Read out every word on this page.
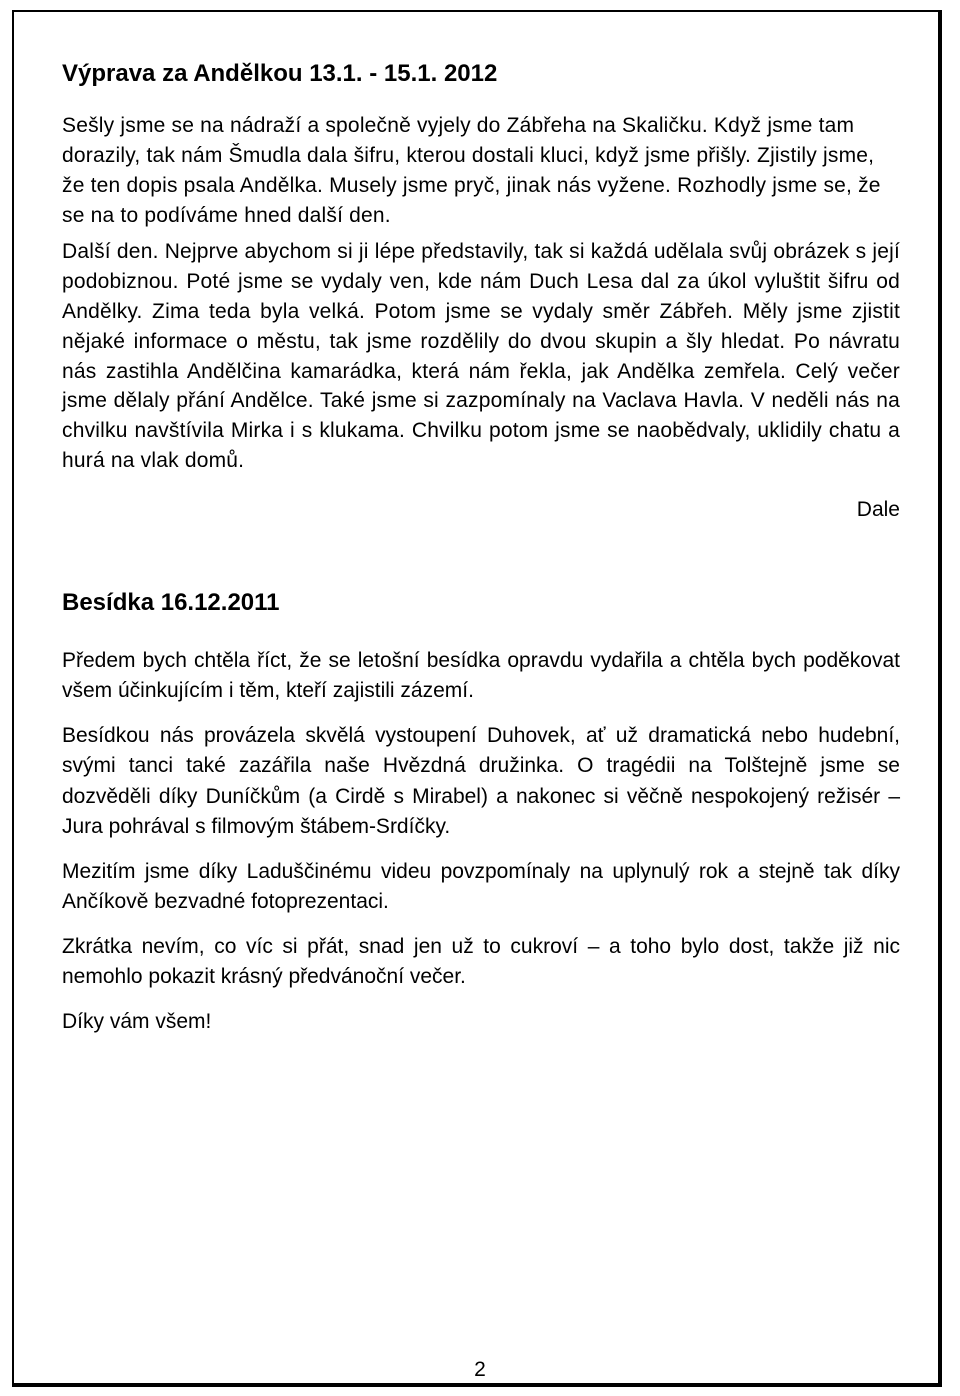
Výprava za Andělkou 13.1. - 15.1. 2012

Sešly jsme se na nádraží a společně vyjely do Zábřeha na Skaličku. Když jsme tam dorazily, tak nám Šmudla dala šifru, kterou dostali kluci, když jsme přišly. Zjistily jsme, že ten dopis psala Andělka. Musely jsme pryč, jinak nás vyžene. Rozhodly jsme se, že se na to podíváme hned další den.

Další den. Nejprve abychom si ji lépe představily, tak si každá udělala svůj obrázek s její podobiznou. Poté jsme se vydaly ven, kde nám Duch Lesa dal za úkol vyluštit šifru od Andělky. Zima teda byla velká. Potom jsme se vydaly směr Zábřeh. Měly jsme zjistit nějaké informace o městu, tak jsme rozdělily do dvou skupin a šly hledat. Po návratu nás zastihla Andělčina kamarádka, která nám řekla, jak Andělka zemřela. Celý večer jsme dělaly přání Andělce. Také jsme si zazpomínaly na Vaclava Havla. V neděli nás na chvilku navštívila Mirka i s klukama. Chvilku potom jsme se naobědvaly, uklidily chatu a hurá na vlak domů.

Dale
Besídka 16.12.2011

Předem bych chtěla říct, že se letošní besídka opravdu vydařila a chtěla bych poděkovat všem účinkujícím i těm, kteří zajistili zázemí.

Besídkou nás provázela skvělá vystoupení Duhovek, ať už dramatická nebo hudební, svými tanci také zazářila naše Hvězdná družinka. O tragédii na Tolštejně jsme se dozvěděli díky Duníčkům (a Cirdě s Mirabel) a nakonec si věčně nespokojený režisér –Jura pohrával s filmovým štábem-Srdíčky.

Mezitím jsme díky Laduščinému videu povzpomínaly na uplynulý rok a stejně tak díky Ančíkově bezvadné fotoprezentaci.

Zkrátka nevím, co víc si přát, snad jen už to cukroví – a toho bylo dost, takže již nic nemohlo pokazit krásný předvánoční večer.

Díky vám všem!

2
